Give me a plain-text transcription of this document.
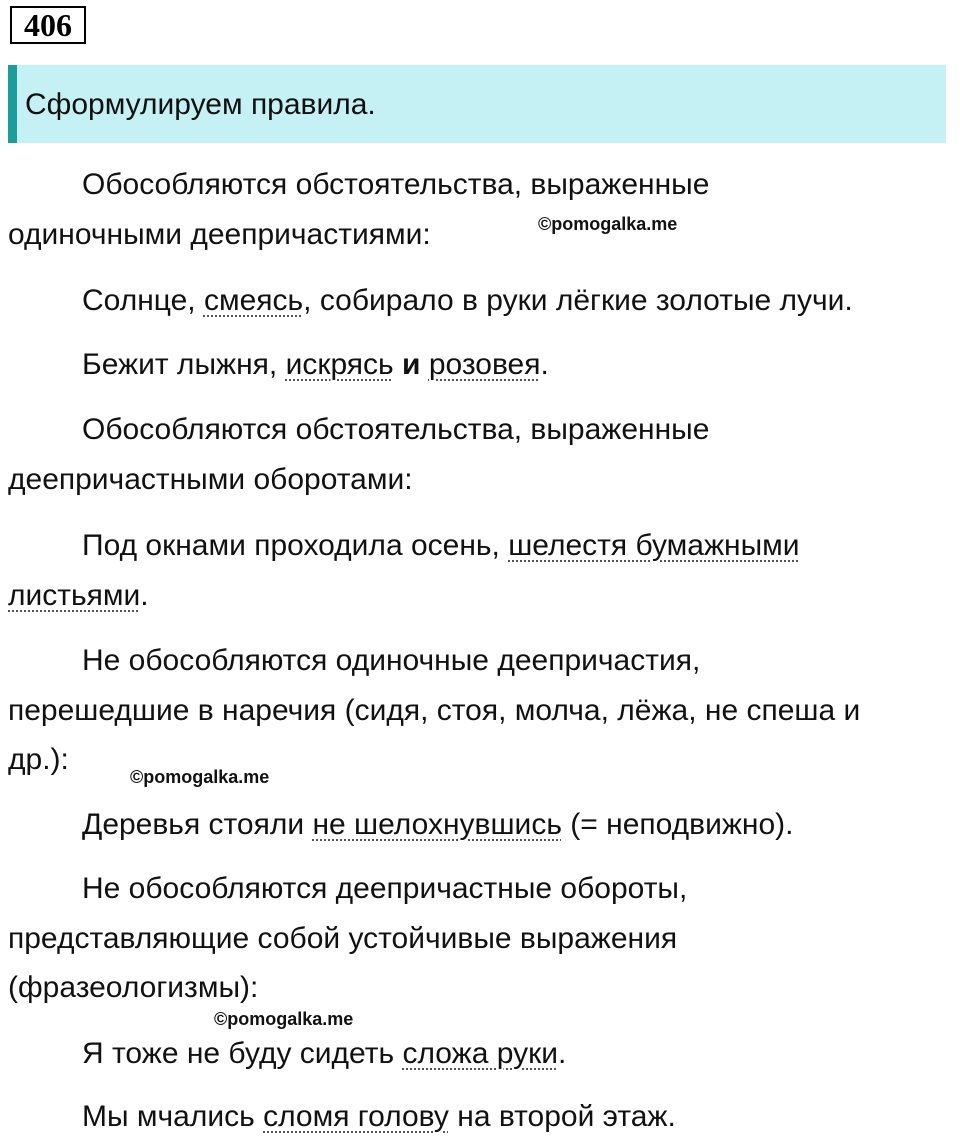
406
Сформулируем правила.
Обособляются обстоятельства, выраженные
одиночными деепричастиями:	©pomogalka.me
Солнце, смеясь, собирало в руки лёгкие золотые лучи.
Бежит лыжня, искрясь и розовея.
Обособляются обстоятельства, выраженные
деепричастными оборотами:
Под окнами проходила осень, шелестя бумажными
листьями.
Не обособляются одиночные деепричастия,
перешедшие в наречия (сидя, стоя, молча, лёжа, не спеша и
др.):
©pomogalka.me
Деревья стояли не шелохнувшись (= неподвижно).
Не обособляются деепричастные обороты,
представляющие собой устойчивые выражения
(фразеологизмы):
©pomogalka.me
Я тоже не буду сидеть сложа руки.
Мы мчались сломя голову на второй этаж.
